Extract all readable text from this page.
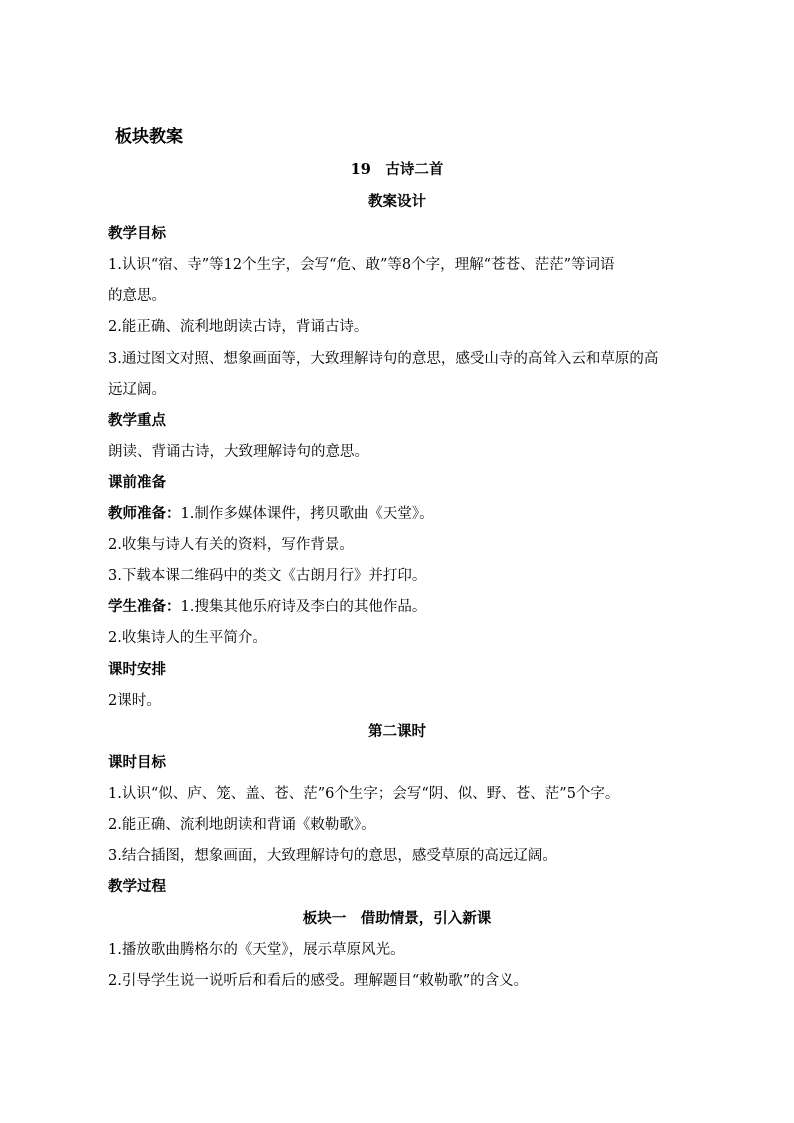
板块教案
19　古诗二首
教案设计
教学目标
1.认识“宿、寺”等12个生字，会写“危、敢”等8个字，理解“苍苍、茫茫”等词语
的意思。
2.能正确、流利地朗读古诗，背诵古诗。
3.通过图文对照、想象画面等，大致理解诗句的意思，感受山寺的高耸入云和草原的高
远辽阔。
教学重点
朗读、背诵古诗，大致理解诗句的意思。
课前准备
教师准备：1.制作多媒体课件，拷贝歌曲《天堂》。
2.收集与诗人有关的资料，写作背景。
3.下载本课二维码中的类文《古朗月行》并打印。
学生准备：1.搜集其他乐府诗及李白的其他作品。
2.收集诗人的生平简介。
课时安排
2课时。
第二课时
课时目标
1.认识“似、庐、笼、盖、苍、茫”6个生字；会写“阴、似、野、苍、茫”5个字。
2.能正确、流利地朗读和背诵《敕勒歌》。
3.结合插图，想象画面，大致理解诗句的意思，感受草原的高远辽阔。
教学过程
板块一　借助情景，引入新课
1.播放歌曲腾格尔的《天堂》，展示草原风光。
2.引导学生说一说听后和看后的感受。理解题目“敕勒歌”的含义。
